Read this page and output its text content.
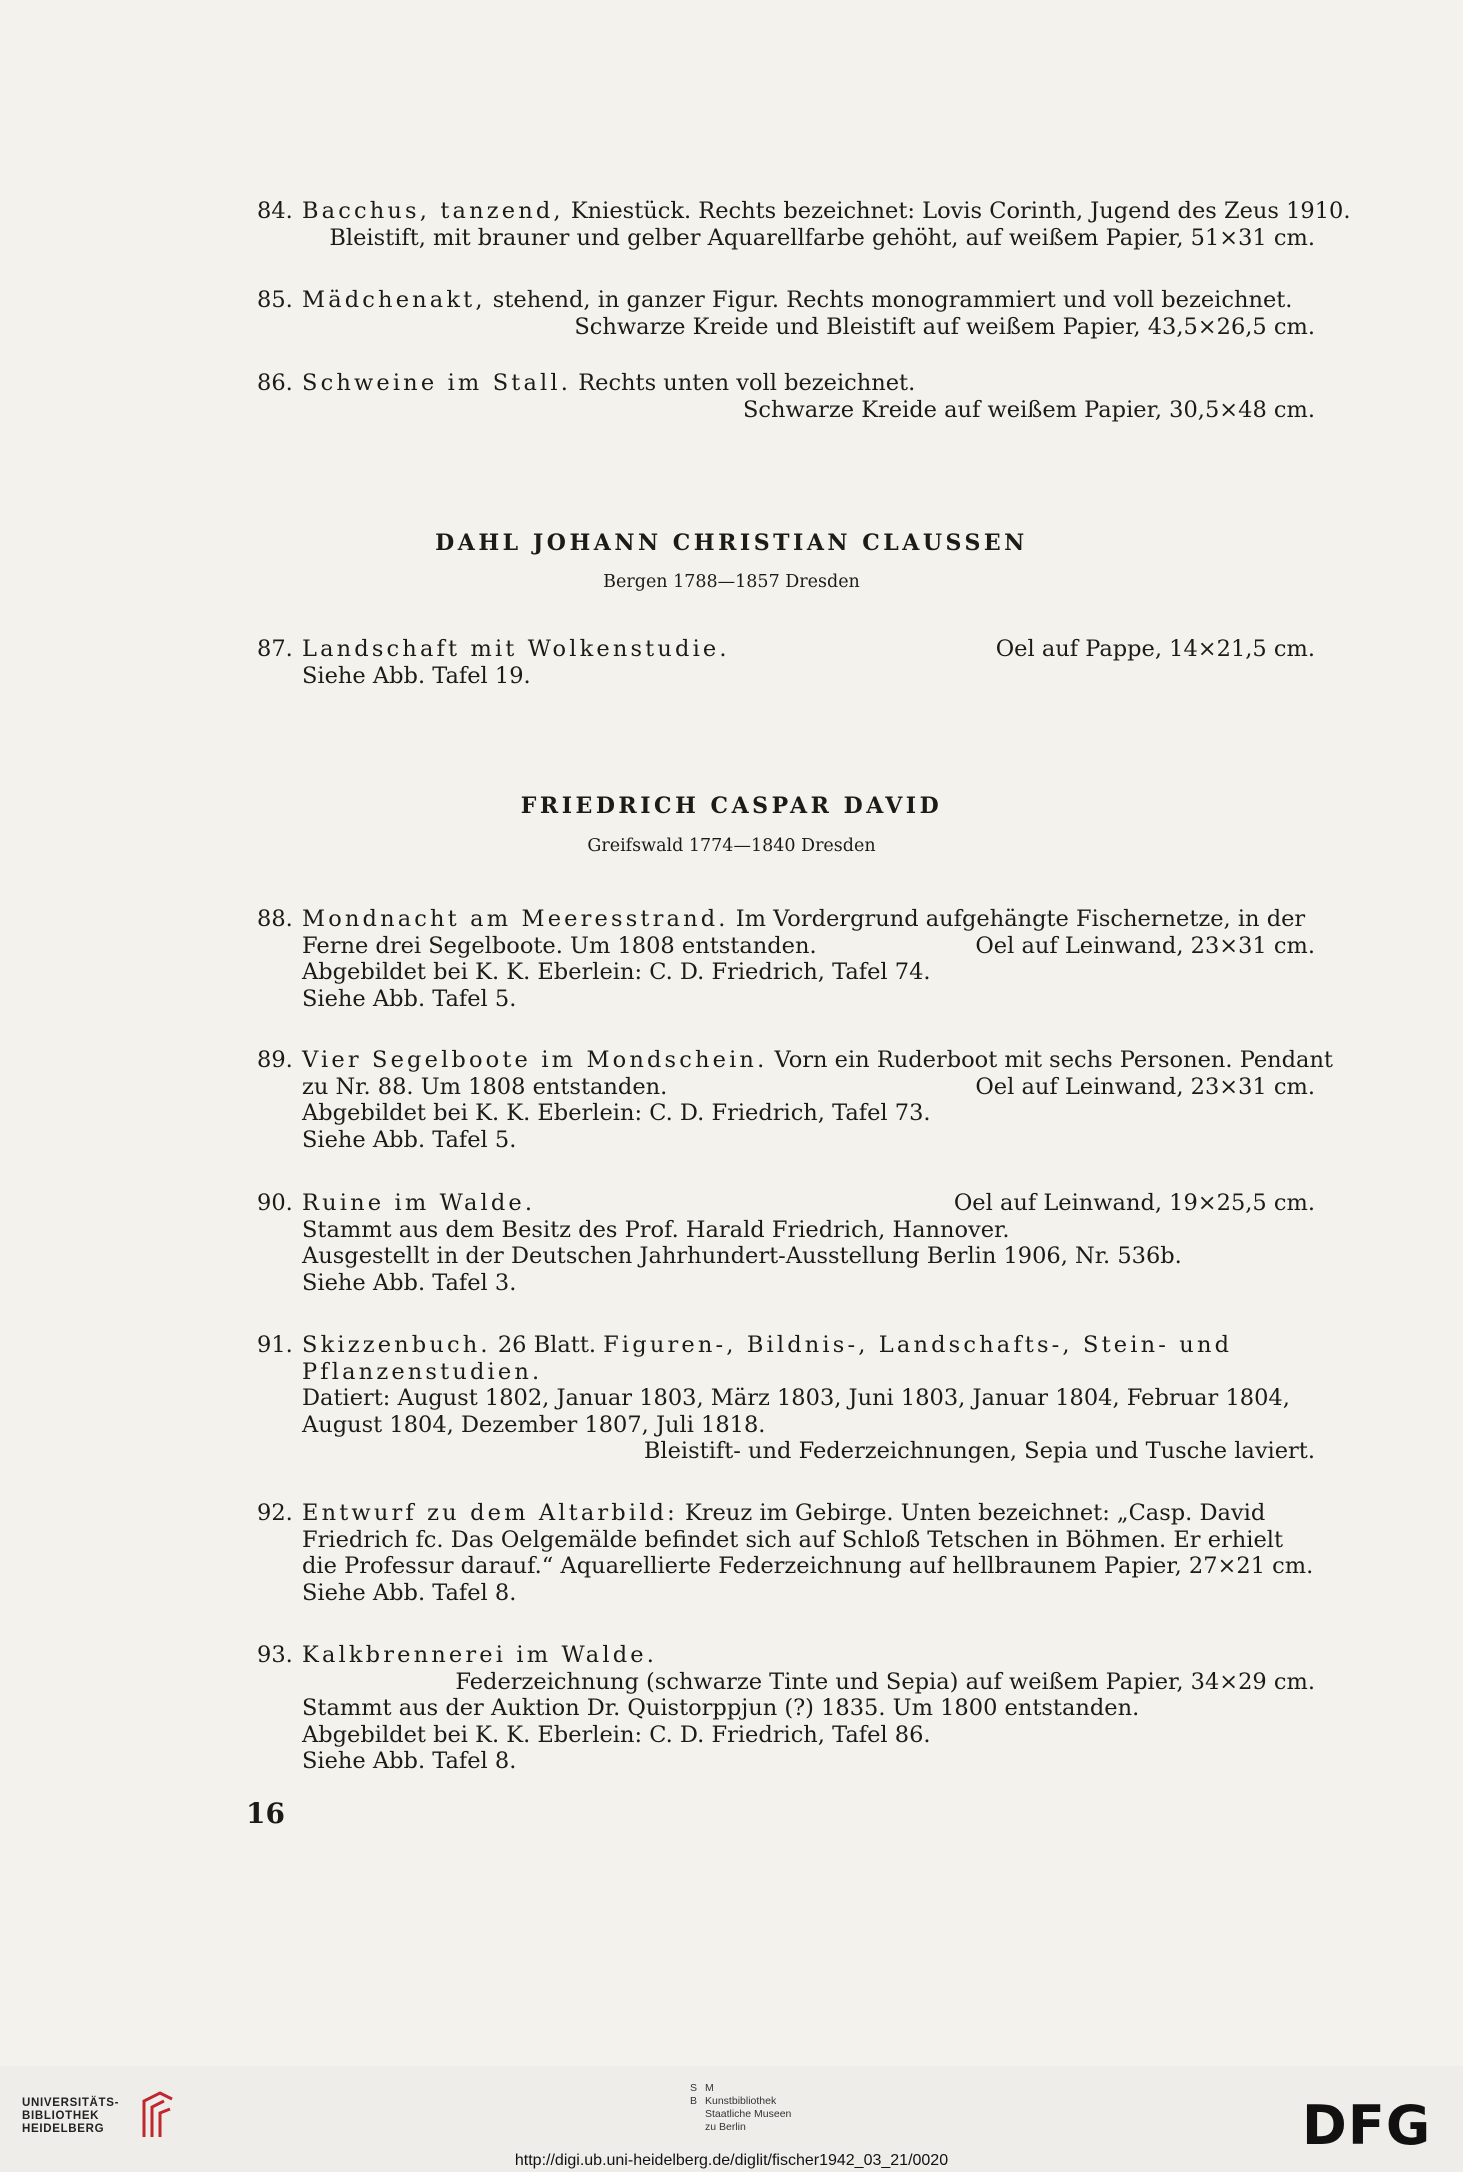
84. Bacchus, tanzend, Kniestück. Rechts bezeichnet: Lovis Corinth, Jugend des Zeus 1910.
Bleistift, mit brauner und gelber Aquarellfarbe gehöht, auf weißem Papier, 51×31 cm.
85. Mädchenakt, stehend, in ganzer Figur. Rechts monogrammiert und voll bezeichnet.
Schwarze Kreide und Bleistift auf weißem Papier, 43,5×26,5 cm.
86. Schweine im Stall. Rechts unten voll bezeichnet.
Schwarze Kreide auf weißem Papier, 30,5×48 cm.
DAHL JOHANN CHRISTIAN CLAUSSEN
Bergen 1788—1857 Dresden
87. Landschaft mit Wolkenstudie.	Oel auf Pappe, 14×21,5 cm.
Siehe Abb. Tafel 19.
FRIEDRICH CASPAR DAVID
Greifswald 1774—1840 Dresden
88. Mondnacht am Meeresstrand. Im Vordergrund aufgehängte Fischernetze, in der
Ferne drei Segelboote. Um 1808 entstanden.	Oel auf Leinwand, 23×31 cm.
Abgebildet bei K. K. Eberlein: C. D. Friedrich, Tafel 74.
Siehe Abb. Tafel 5.
89. Vier Segelboote im Mondschein. Vorn ein Ruderboot mit sechs Personen. Pendant
zu Nr. 88. Um 1808 entstanden.	Oel auf Leinwand, 23×31 cm.
Abgebildet bei K. K. Eberlein: C. D. Friedrich, Tafel 73.
Siehe Abb. Tafel 5.
90. Ruine im Walde.	Oel auf Leinwand, 19×25,5 cm.
Stammt aus dem Besitz des Prof. Harald Friedrich, Hannover.
Ausgestellt in der Deutschen Jahrhundert-Ausstellung Berlin 1906, Nr. 536b.
Siehe Abb. Tafel 3.
91. Skizzenbuch. 26 Blatt. Figuren-, Bildnis-, Landschafts-, Stein- und
Pflanzenstudien.
Datiert: August 1802, Januar 1803, März 1803, Juni 1803, Januar 1804, Februar 1804,
August 1804, Dezember 1807, Juli 1818.
Bleistift- und Federzeichnungen, Sepia und Tusche laviert.
92. Entwurf zu dem Altarbild: Kreuz im Gebirge. Unten bezeichnet: „Casp. David
Friedrich fc. Das Oelgemälde befindet sich auf Schloß Tetschen in Böhmen. Er erhielt
die Professur darauf.“ Aquarellierte Federzeichnung auf hellbraunem Papier, 27×21 cm.
Siehe Abb. Tafel 8.
93. Kalkbrennerei im Walde.
Federzeichnung (schwarze Tinte und Sepia) auf weißem Papier, 34×29 cm.
Stammt aus der Auktion Dr. Quistorppjun (?) 1835. Um 1800 entstanden.
Abgebildet bei K. K. Eberlein: C. D. Friedrich, Tafel 86.
Siehe Abb. Tafel 8.
16
UNIVERSITÄTS-
BIBLIOTHEK
HEIDELBERG
S M
B Kunstbibliothek
Staatliche Museen
zu Berlin	DFG
http://digi.ub.uni-heidelberg.de/diglit/fischer1942_03_21/0020
